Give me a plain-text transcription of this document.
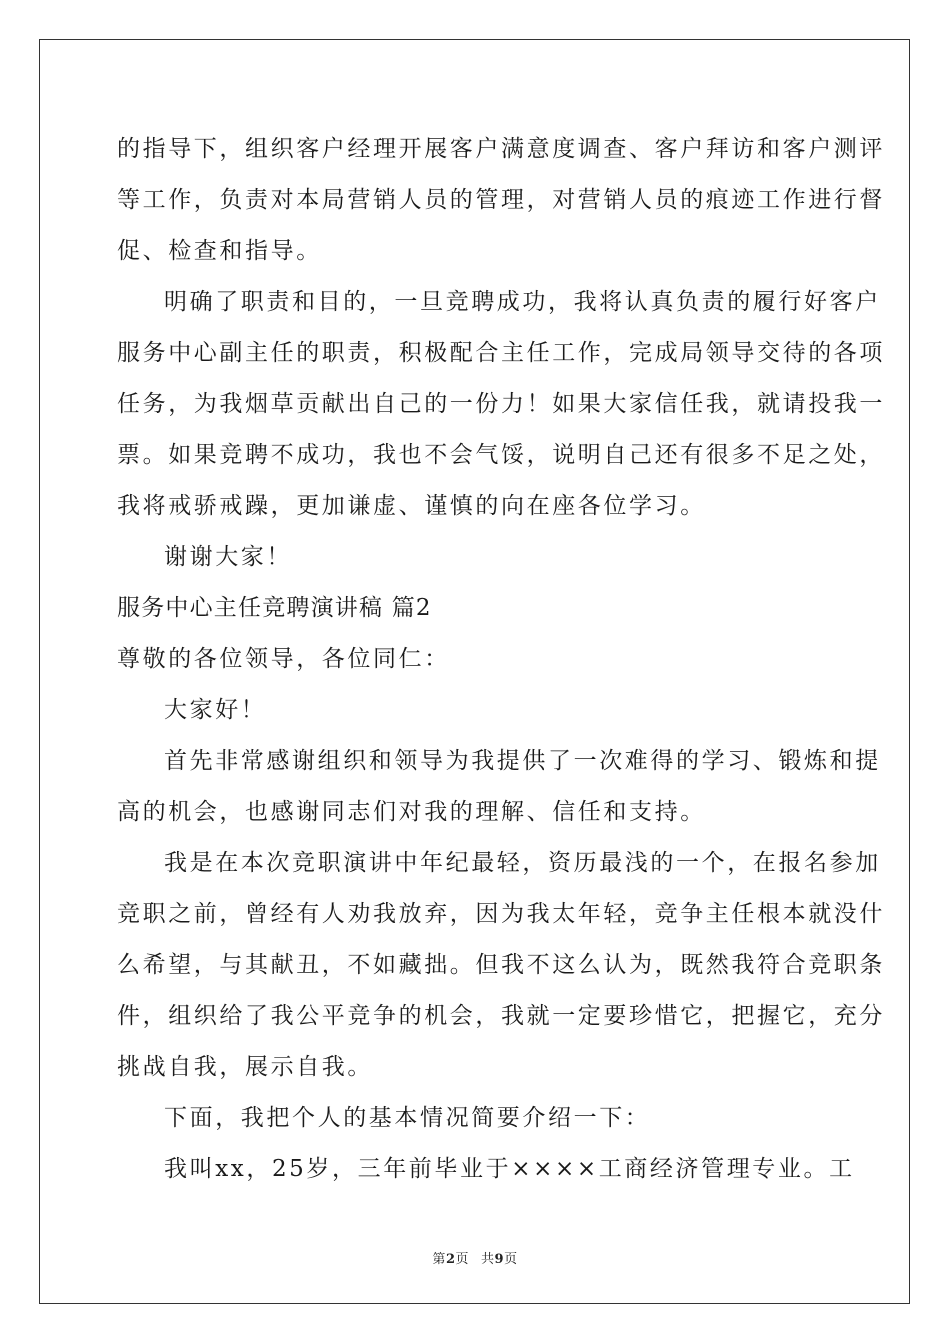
的指导下，组织客户经理开展客户满意度调查、客户拜访和客户测评
等工作，负责对本局营销人员的管理，对营销人员的痕迹工作进行督
促、检查和指导。
明确了职责和目的，一旦竞聘成功，我将认真负责的履行好客户
服务中心副主任的职责，积极配合主任工作，完成局领导交待的各项
任务，为我烟草贡献出自己的一份力！如果大家信任我，就请投我一
票。如果竞聘不成功，我也不会气馁，说明自己还有很多不足之处，
我将戒骄戒躁，更加谦虚、谨慎的向在座各位学习。
谢谢大家！
服务中心主任竞聘演讲稿 篇2
尊敬的各位领导，各位同仁：
大家好！
首先非常感谢组织和领导为我提供了一次难得的学习、锻炼和提
高的机会，也感谢同志们对我的理解、信任和支持。
我是在本次竞职演讲中年纪最轻，资历最浅的一个，在报名参加
竞职之前，曾经有人劝我放弃，因为我太年轻，竞争主任根本就没什
么希望，与其献丑，不如藏拙。但我不这么认为，既然我符合竞职条
件，组织给了我公平竞争的机会，我就一定要珍惜它，把握它，充分
挑战自我，展示自我。
下面，我把个人的基本情况简要介绍一下：
我叫xx，25岁，三年前毕业于××××工商经济管理专业。工
第2页 共9页
